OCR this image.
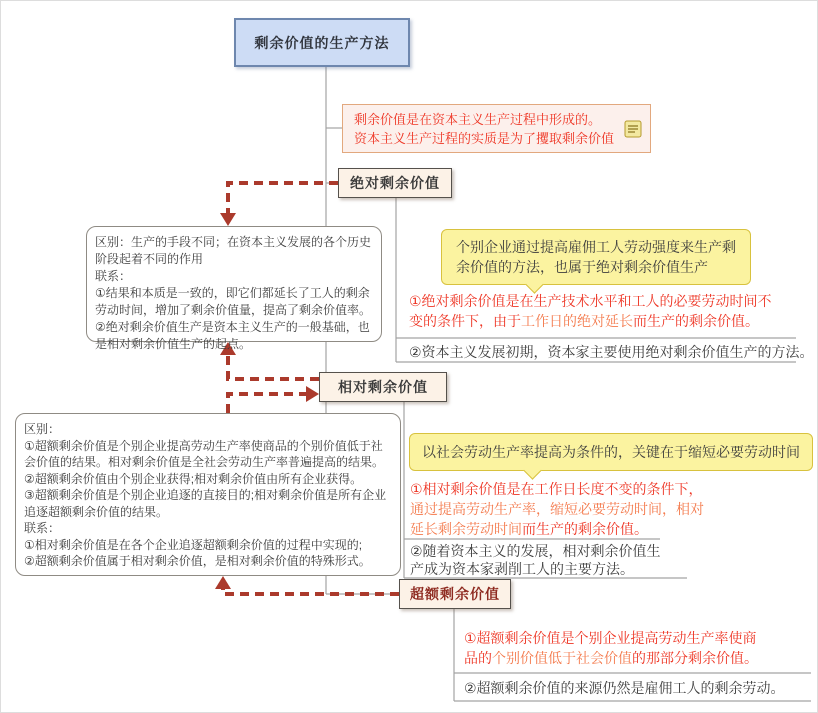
剩余价值的生产方法
剩余价值是在资本主义生产过程中形成的。
资本主义生产过程的实质是为了攫取剩余价值
绝对剩余价值
相对剩余价值
超额剩余价值
区别：生产的手段不同；在资本主义发展的各个历史阶段起着不同的作用
联系：
①结果和本质是一致的，即它们都延长了工人的剩余劳动时间，增加了剩余价值量，提高了剩余价值率。
②绝对剩余价值生产是资本主义生产的一般基础，也是相对剩余价值生产的起点。
区别：
①超额剩余价值是个别企业提高劳动生产率使商品的个别价值低于社会价值的结果。相对剩余价值是全社会劳动生产率普遍提高的结果。
②超额剩余价值由个别企业获得;相对剩余价值由所有企业获得。
③超额剩余价值是个别企业追逐的直接目的;相对剩余价值是所有企业追逐超额剩余价值的结果。
联系：
①相对剩余价值是在各个企业追逐超额剩余价值的过程中实现的;
②超额剩余价值属于相对剩余价值，是相对剩余价值的特殊形式。
个别企业通过提高雇佣工人劳动强度来生产剩余价值的方法，也属于绝对剩余价值生产
以社会劳动生产率提高为条件的，关键在于缩短必要劳动时间
①绝对剩余价值是在生产技术水平和工人的必要劳动时间不变的条件下，由于工作日的绝对延长而生产的剩余价值。
②资本主义发展初期，资本家主要使用绝对剩余价值生产的方法。
①相对剩余价值是在工作日长度不变的条件下，通过提高劳动生产率，缩短必要劳动时间，相对延长剩余劳动时间而生产的剩余价值。
②随着资本主义的发展，相对剩余价值生产成为资本家剥削工人的主要方法。
①超额剩余价值是个别企业提高劳动生产率使商品的个别价值低于社会价值的那部分剩余价值。
②超额剩余价值的来源仍然是雇佣工人的剩余劳动。
